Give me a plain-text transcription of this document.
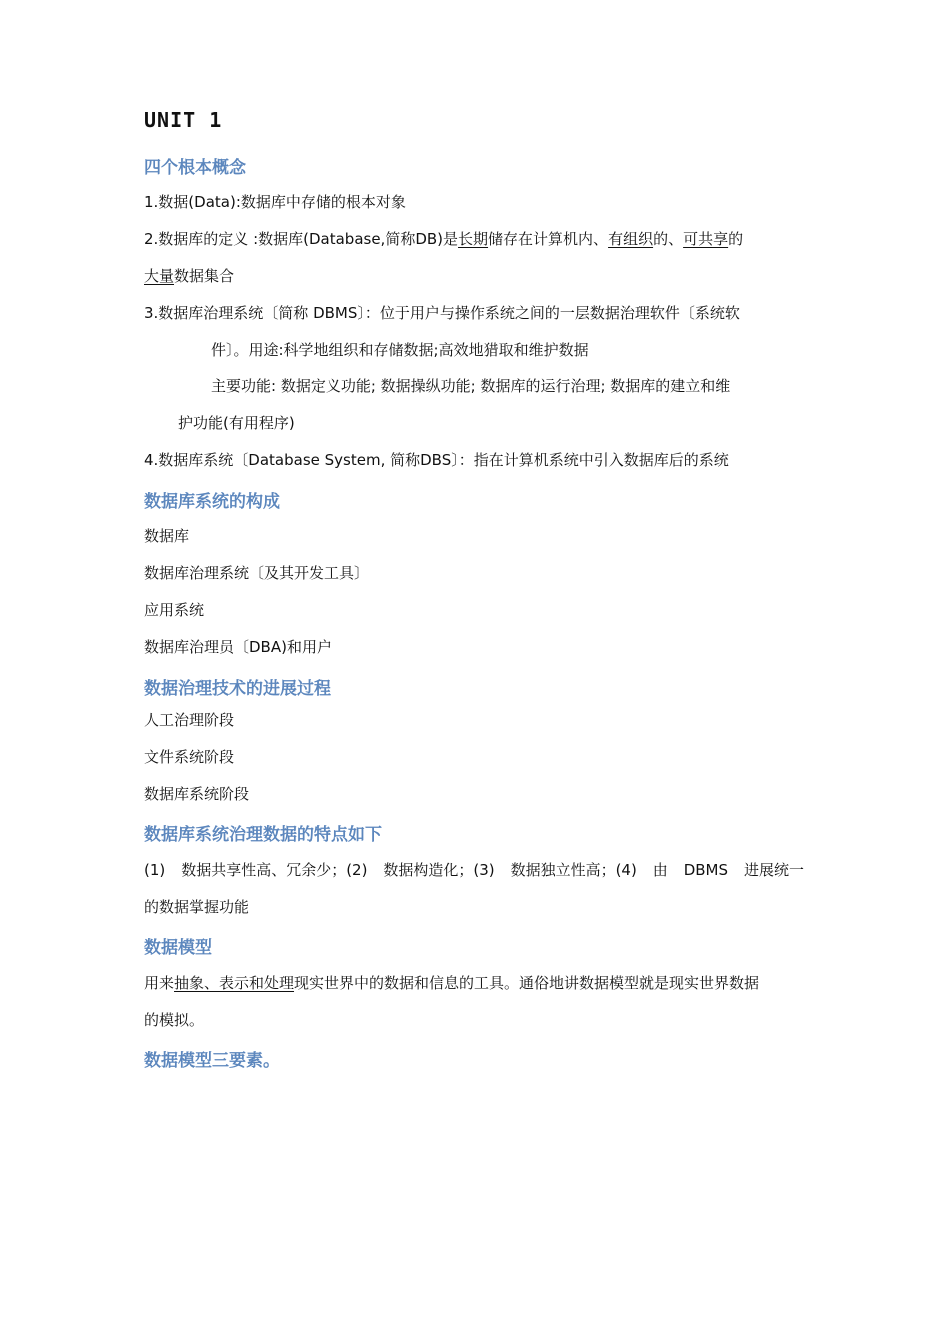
UNIT 1
四个根本概念
1.数据(Data):数据库中存储的根本对象
2.数据库的定义 :数据库(Database,简称DB)是长期储存在计算机内、有组织的、可共享的
大量数据集合
3.数据库治理系统〔简称 DBMS〕：位于用户与操作系统之间的一层数据治理软件〔系统软
件〕。用途:科学地组织和存储数据;高效地猎取和维护数据
主要功能: 数据定义功能; 数据操纵功能; 数据库的运行治理; 数据库的建立和维
护功能(有用程序)
4.数据库系统〔Database System, 简称DBS〕：指在计算机系统中引入数据库后的系统
数据库系统的构成
数据库
数据库治理系统〔及其开发工具〕
应用系统
数据库治理员〔DBA)和用户
数据治理技术的进展过程
人工治理阶段
文件系统阶段
数据库系统阶段
数据库系统治理数据的特点如下
(1) 数据共享性高、冗余少；(2) 数据构造化；(3) 数据独立性高；(4) 由 DBMS 进展统一
的数据掌握功能
数据模型
用来抽象、表示和处理现实世界中的数据和信息的工具。通俗地讲数据模型就是现实世界数据
的模拟。
数据模型三要素。
